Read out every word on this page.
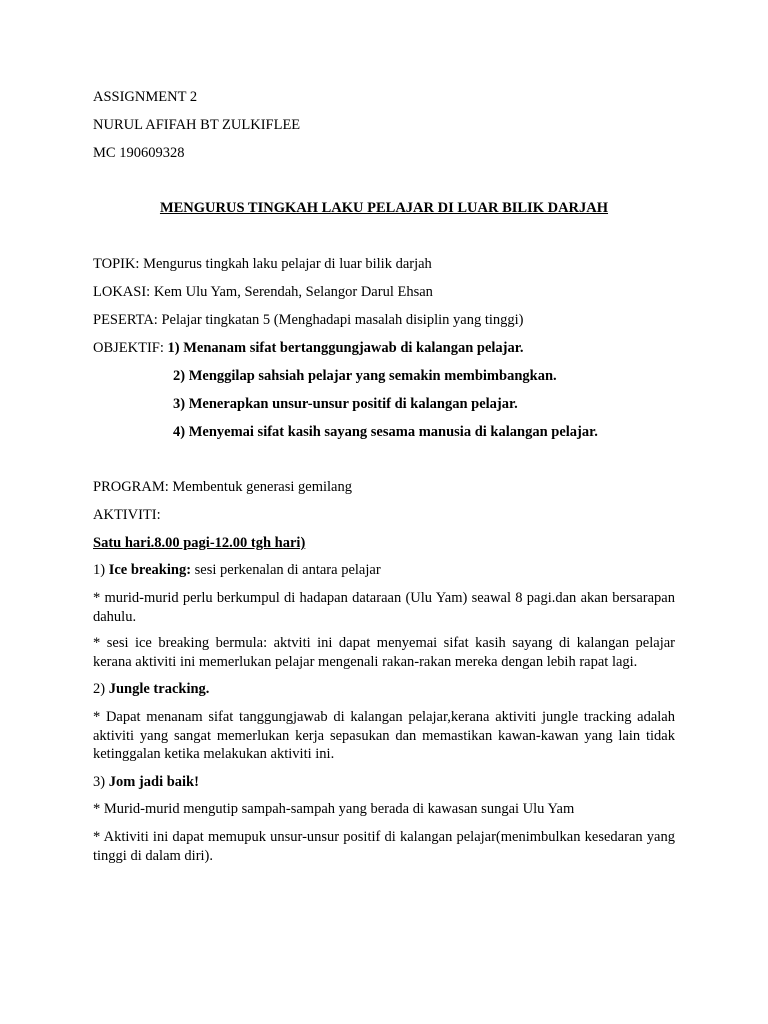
ASSIGNMENT 2
NURUL AFIFAH BT ZULKIFLEE
MC 190609328
MENGURUS TINGKAH LAKU PELAJAR DI LUAR BILIK DARJAH
TOPIK: Mengurus tingkah laku pelajar di luar bilik darjah
LOKASI: Kem Ulu Yam, Serendah, Selangor Darul Ehsan
PESERTA: Pelajar tingkatan 5 (Menghadapi masalah disiplin yang tinggi)
OBJEKTIF: 1) Menanam sifat bertanggungjawab di kalangan pelajar.
2) Menggilap sahsiah pelajar yang semakin membimbangkan.
3) Menerapkan unsur-unsur positif di kalangan pelajar.
4) Menyemai sifat kasih sayang sesama manusia di kalangan pelajar.
PROGRAM: Membentuk generasi gemilang
AKTIVITI:
Satu hari.8.00 pagi-12.00 tgh hari)
1) Ice breaking: sesi perkenalan di antara pelajar
* murid-murid perlu berkumpul di hadapan dataraan (Ulu Yam) seawal 8 pagi.dan akan bersarapan dahulu.
* sesi ice breaking bermula: aktviti ini dapat menyemai sifat kasih sayang di kalangan pelajar kerana aktiviti ini memerlukan pelajar mengenali rakan-rakan mereka dengan lebih rapat lagi.
2) Jungle tracking.
* Dapat menanam sifat tanggungjawab di kalangan pelajar,kerana aktiviti jungle tracking adalah aktiviti yang sangat memerlukan kerja sepasukan dan memastikan kawan-kawan yang lain tidak ketinggalan ketika melakukan aktiviti ini.
3) Jom jadi baik!
* Murid-murid mengutip sampah-sampah yang berada di kawasan sungai Ulu Yam
* Aktiviti ini dapat memupuk unsur-unsur positif di kalangan pelajar(menimbulkan kesedaran yang tinggi di dalam diri).
